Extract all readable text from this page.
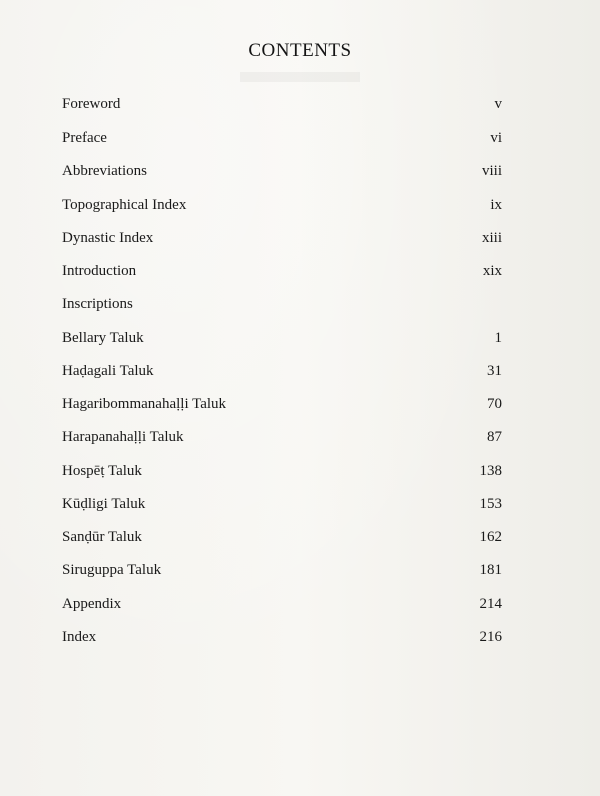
CONTENTS
Foreword	v
Preface	vi
Abbreviations	viii
Topographical Index	ix
Dynastic Index	xiii
Introduction	xix
Inscriptions
Bellary Taluk	1
Haḍagali Taluk	31
Hagaribommanahaḷḷi Taluk	70
Harapanahaḷḷi Taluk	87
Hospēṭ Taluk	138
Kūḍligi Taluk	153
Sanḍūr Taluk	162
Siruguppa Taluk	181
Appendix	214
Index	216
